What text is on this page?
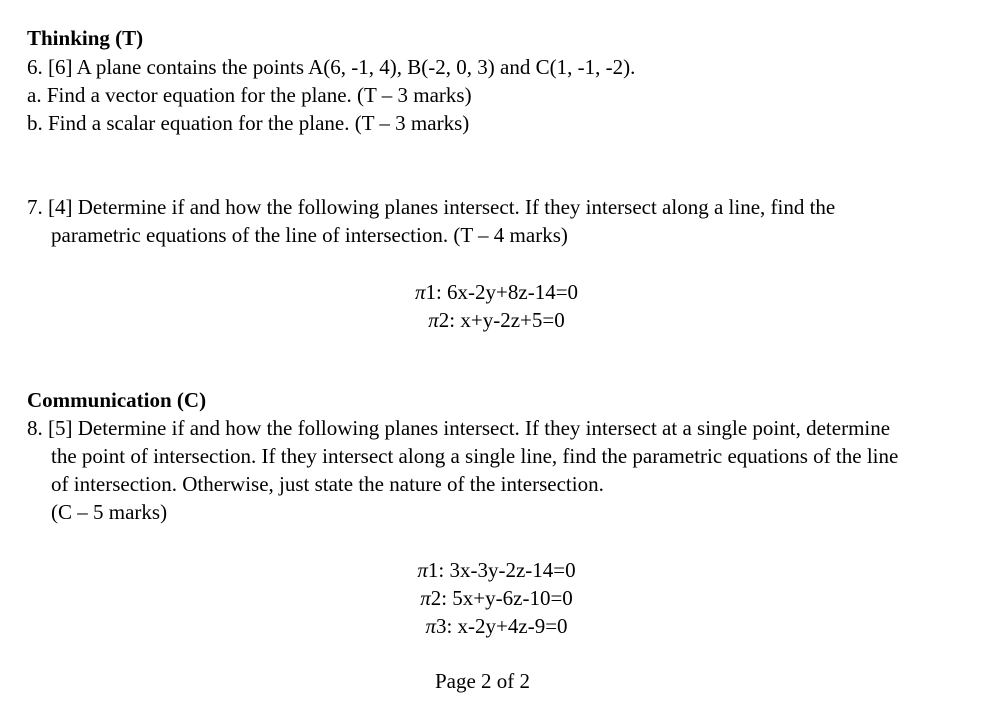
Thinking (T)
6. [6] A plane contains the points A(6, -1, 4), B(-2, 0, 3) and C(1, -1, -2).
a. Find a vector equation for the plane. (T – 3 marks)
b. Find a scalar equation for the plane. (T – 3 marks)
7. [4] Determine if and how the following planes intersect. If they intersect along a line, find the
parametric equations of the line of intersection. (T – 4 marks)
π1: 6x-2y+8z-14=0
π2: x+y-2z+5=0
Communication (C)
8. [5] Determine if and how the following planes intersect. If they intersect at a single point, determine
the point of intersection. If they intersect along a single line, find the parametric equations of the line
of intersection. Otherwise, just state the nature of the intersection.
(C – 5 marks)
π1: 3x-3y-2z-14=0
π2: 5x+y-6z-10=0
π3: x-2y+4z-9=0
Page 2 of 2
